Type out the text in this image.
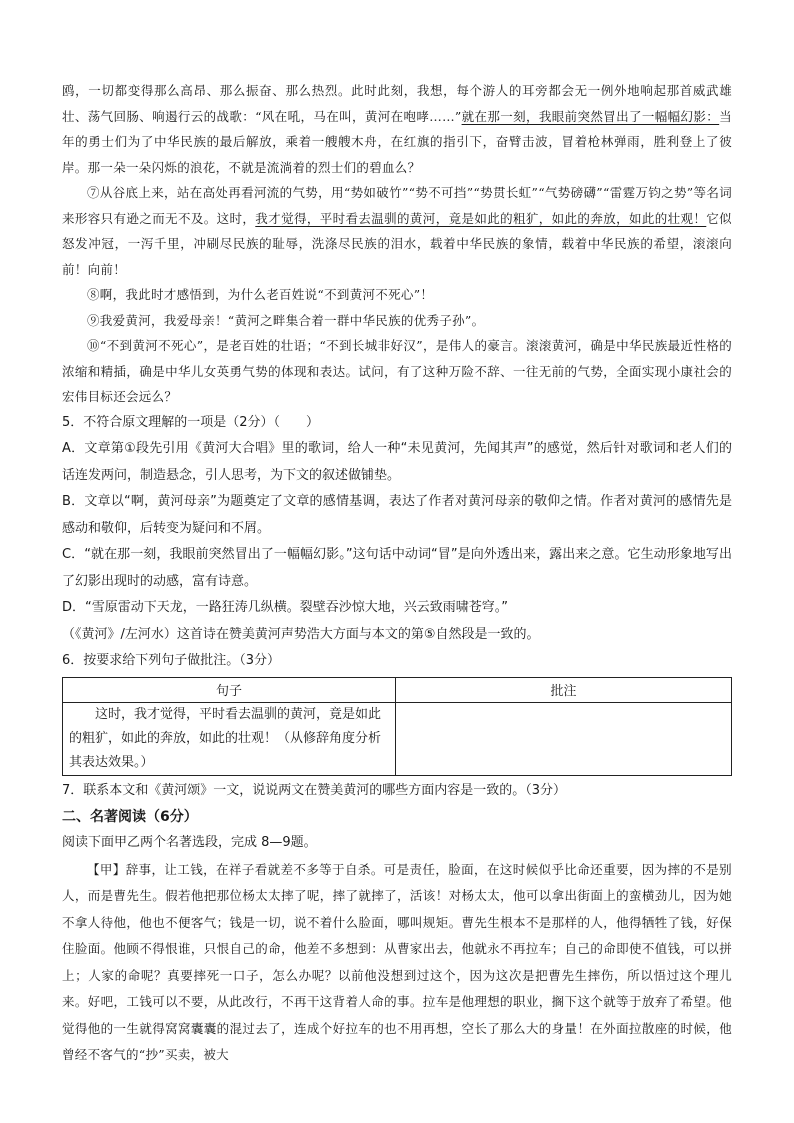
鸥，一切都变得那么高昂、那么振奋、那么热烈。此时此刻，我想，每个游人的耳旁都会无一例外地响起那首威武雄壮、荡气回肠、响遏行云的战歌：“风在吼，马在叫，黄河在咆哮……”就在那一刻，我眼前突然冒出了一幅幅幻影：当年的勇士们为了中华民族的最后解放，乘着一艘艘木舟，在红旗的指引下，奋臂击波，冒着枪林弹雨，胜利登上了彼岸。那一朵一朵闪烁的浪花，不就是流淌着的烈士们的碧血么？

⑦从谷底上来，站在高处再看河流的气势，用“势如破竹”“势不可挡”“势贯长虹”“气势磅礴”“雷霆万钧之势”等名词来形容只有逊之而无不及。这时，我才觉得，平时看去温驯的黄河，竟是如此的粗犷，如此的奔放，如此的壮观！它似怒发冲冠，一泻千里，冲刷尽民族的耻辱，洗涤尽民族的泪水，载着中华民族的象情，载着中华民族的希望，滚滚向前！向前！

⑧啊，我此时才感悟到，为什么老百姓说“不到黄河不死心”！

⑨我爱黄河，我爱母亲！“黄河之畔集合着一群中华民族的优秀子孙”。

⑩“不到黄河不死心”，是老百姓的壮语；“不到长城非好汉”，是伟人的豪言。滚滚黄河，确是中华民族最近性格的浓缩和精插，确是中华儿女英勇气势的体现和表达。试问，有了这种万险不辞、一往无前的气势，全面实现小康社会的宏伟目标还会远么？

5．不符合原文理解的一项是（2分）（　　）

A．文章第①段先引用《黄河大合唱》里的歌词，给人一种“未见黄河，先闻其声”的感觉，然后针对歌词和老人们的话连发两问，制造悬念，引人思考，为下文的叙述做铺垫。

B．文章以“啊，黄河母亲”为题奠定了文章的感情基调，表达了作者对黄河母亲的敬仰之情。作者对黄河的感情先是感动和敬仰，后转变为疑问和不屑。

C．“就在那一刻，我眼前突然冒出了一幅幅幻影。”这句话中动词“冒”是向外透出来，露出来之意。它生动形象地写出了幻影出现时的动感，富有诗意。

D．“雪原雷动下天龙，一路狂涛几纵横。裂壁吞沙惊大地，兴云致雨啸苍穹。”

（《黄河》/左河水）这首诗在赞美黄河声势浩大方面与本文的第⑤自然段是一致的。

6．按要求给下列句子做批注。（3分）

句子	批注
这时，我才觉得，平时看去温驯的黄河，竟是如此的粗犷，如此的奔放，如此的壮观！（从修辞角度分析其表达效果。）	

7．联系本文和《黄河颂》一文，说说两文在赞美黄河的哪些方面内容是一致的。（3分）

二、名著阅读（6分）

阅读下面甲乙两个名著选段，完成 8—9题。

【甲】辞事，让工钱，在祥子看就差不多等于自杀。可是责任，脸面，在这时候似乎比命还重要，因为摔的不是别人，而是曹先生。假若他把那位杨太太摔了呢，摔了就摔了，活该！对杨太太，他可以拿出街面上的蛮横劲儿，因为她不拿人待他，他也不便客气；钱是一切，说不着什么脸面，哪叫规矩。曹先生根本不是那样的人，他得牺牲了钱，好保住脸面。他顾不得恨谁，只恨自己的命，他差不多想到：从曹家出去，他就永不再拉车；自己的命即使不值钱，可以拼上；人家的命呢？真要摔死一口子，怎么办呢？以前他没想到过这个，因为这次是把曹先生摔伤，所以悟过这个理儿来。好吧，工钱可以不要，从此改行，不再干这背着人命的事。拉车是他理想的职业，搁下这个就等于放弃了希望。他觉得他的一生就得窝窝囊囊的混过去了，连成个好拉车的也不用再想，空长了那么大的身量！在外面拉散座的时候，他曾经不客气的“抄”买卖，被大
